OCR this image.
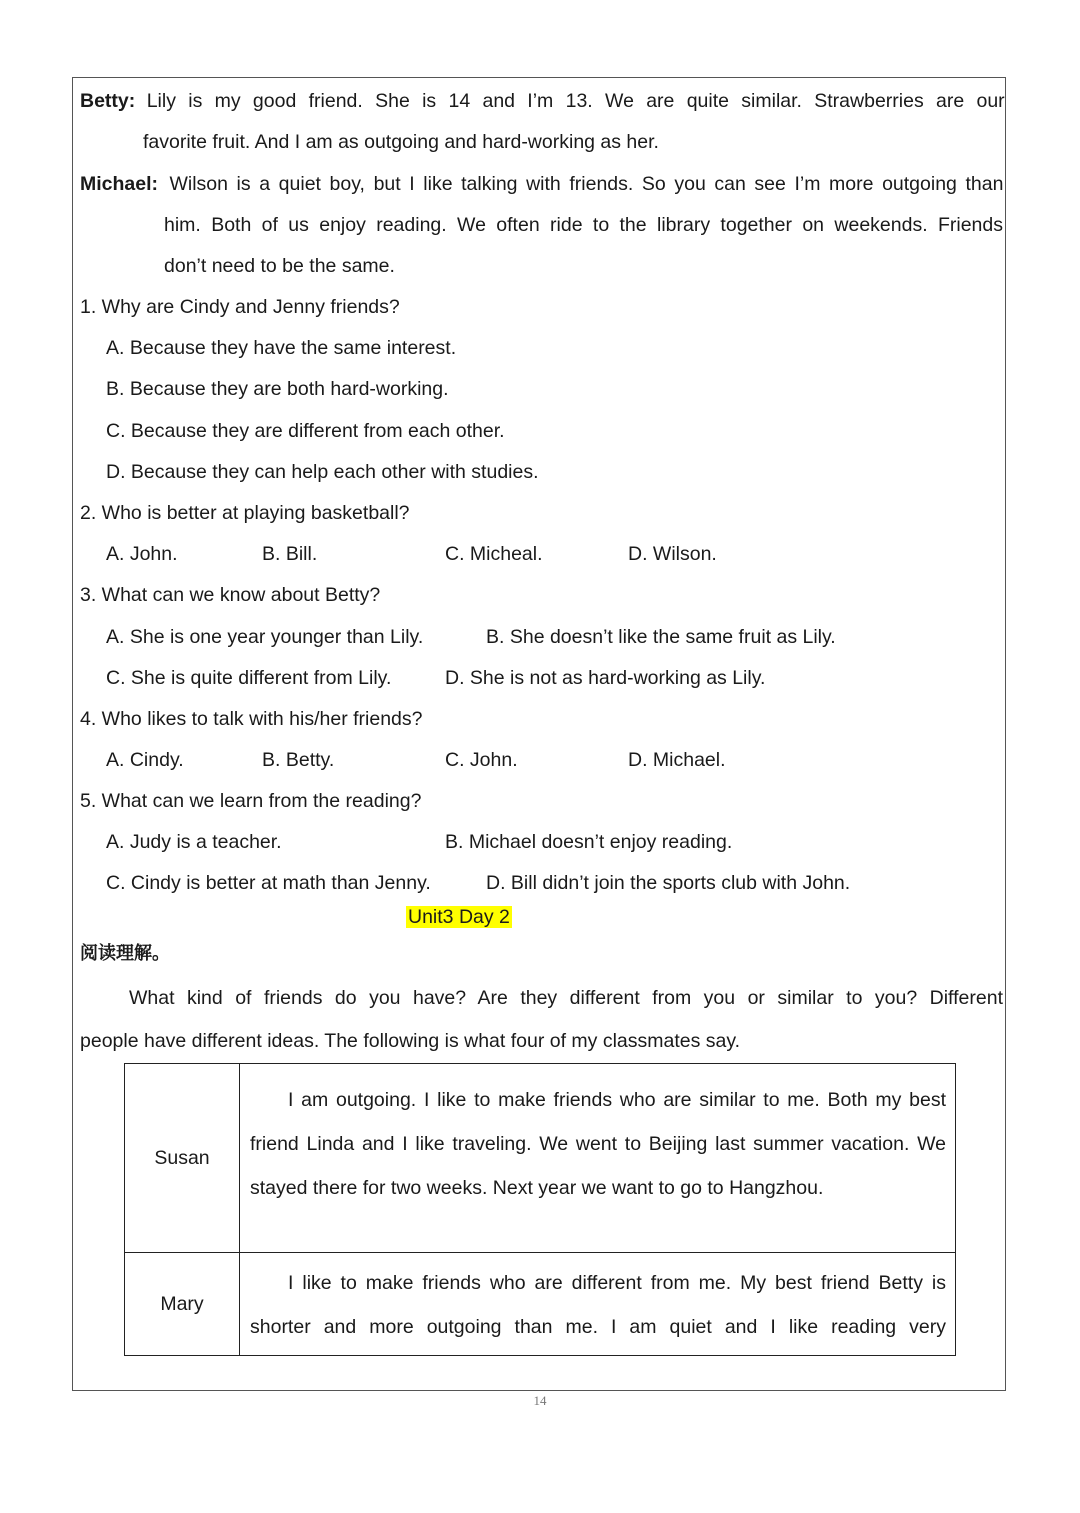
Betty: Lily is my good friend. She is 14 and I’m 13. We are quite similar. Strawberries are our
favorite fruit. And I am as outgoing and hard-working as her.
Michael: Wilson is a quiet boy, but I like talking with friends. So you can see I’m more outgoing than
him. Both of us enjoy reading. We often ride to the library together on weekends. Friends
don’t need to be the same.
1. Why are Cindy and Jenny friends?
A. Because they have the same interest.
B. Because they are both hard-working.
C. Because they are different from each other.
D. Because they can help each other with studies.
2. Who is better at playing basketball?
A. John.	B. Bill.	C. Micheal.	D. Wilson.
3. What can we know about Betty?
A. She is one year younger than Lily.	B. She doesn’t like the same fruit as Lily.
C. She is quite different from Lily.	D. She is not as hard-working as Lily.
4. Who likes to talk with his/her friends?
A. Cindy.	B. Betty.	C. John.	D. Michael.
5. What can we learn from the reading?
A. Judy is a teacher.	B. Michael doesn’t enjoy reading.
C. Cindy is better at math than Jenny.	D. Bill didn’t join the sports club with John.
Unit3 Day 2
阅读理解。
What kind of friends do you have? Are they different from you or similar to you? Different
people have different ideas. The following is what four of my classmates say.
Susan	I am outgoing. I like to make friends who are similar to me. Both my best friend Linda and I like traveling. We went to Beijing last summer vacation. We stayed there for two weeks. Next year we want to go to Hangzhou.

Mary	I like to make friends who are different from me. My best friend Betty is shorter and more outgoing than me. I am quiet and I like reading very
14
